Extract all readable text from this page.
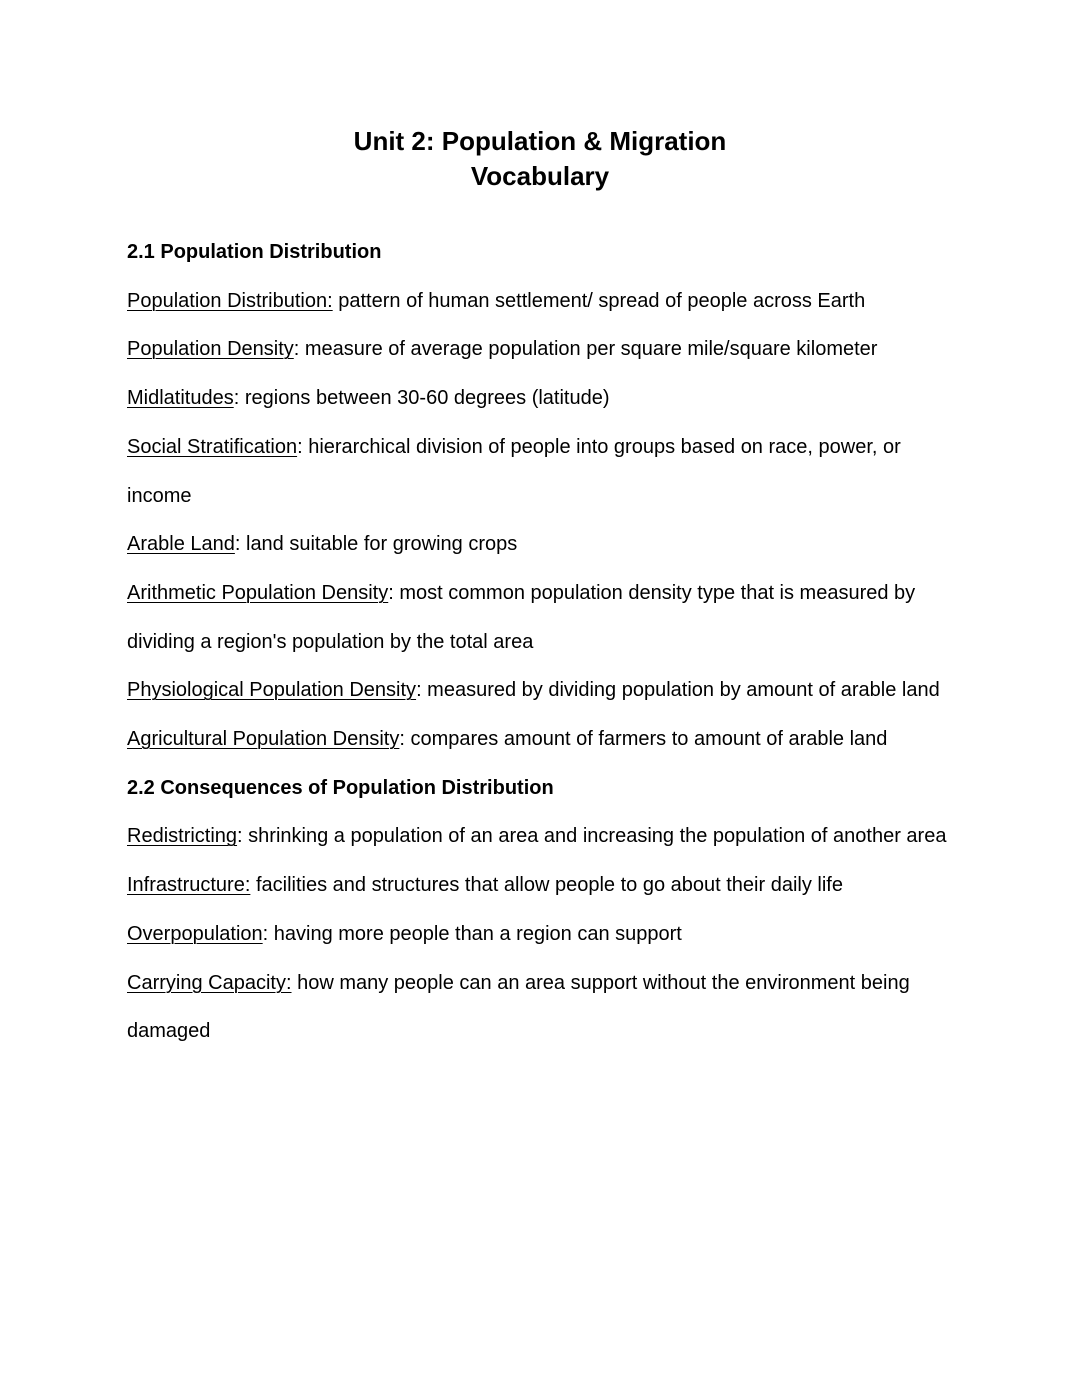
Unit 2: Population & Migration
Vocabulary
2.1 Population Distribution
Population Distribution: pattern of human settlement/ spread of people across Earth
Population Density: measure of average population per square mile/square kilometer
Midlatitudes: regions between 30-60 degrees (latitude)
Social Stratification: hierarchical division of people into groups based on race, power, or income
Arable Land: land suitable for growing crops
Arithmetic Population Density: most common population density type that is measured by dividing a region's population by the total area
Physiological Population Density: measured by dividing population by amount of arable land
Agricultural Population Density: compares amount of farmers to amount of arable land
2.2 Consequences of Population Distribution
Redistricting: shrinking a population of an area and increasing the population of another area
Infrastructure: facilities and structures that allow people to go about their daily life
Overpopulation: having more people than a region can support
Carrying Capacity: how many people can an area support without the environment being damaged
